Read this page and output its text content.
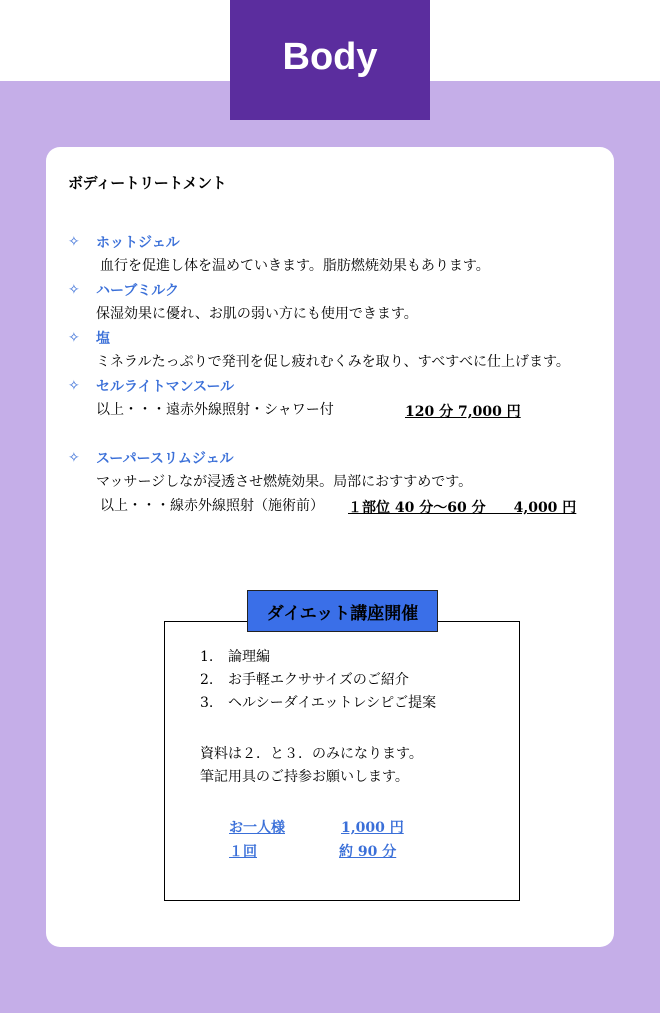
Body
ボディートリートメント
✧	ホットジェル
血行を促進し体を温めていきます。脂肪燃焼効果もあります。
✧	ハーブミルク
保湿効果に優れ、お肌の弱い方にも使用できます。
✧	塩
ミネラルたっぷりで発刊を促し疲れむくみを取り、すべすべに仕上げます。
✧	セルライトマンスール
以上・・・遠赤外線照射・シャワー付	120 分 7,000 円
✧	スーパースリムジェル
マッサージしなが浸透させ燃焼効果。局部におすすめです。
以上・・・線赤外線照射（施術前）	１部位 40 分～60 分　　4,000 円
ダイエット講座開催
1. 論理編
2. お手軽エクササイズのご紹介
3. ヘルシーダイエットレシピご提案
資料は２．と３．のみになります。
筆記用具のご持参お願いします。
お一人様	1,000 円
１回	約 90 分
